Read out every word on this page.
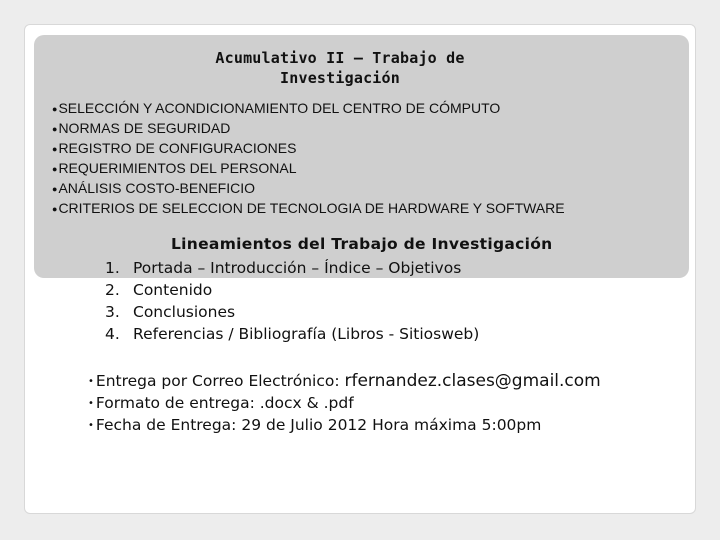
Acumulativo II – Trabajo de
Investigación
●SELECCIÓN Y ACONDICIONAMIENTO DEL CENTRO DE CÓMPUTO
●NORMAS DE SEGURIDAD
●REGISTRO DE CONFIGURACIONES
●REQUERIMIENTOS DEL PERSONAL
●ANÁLISIS COSTO-BENEFICIO
●CRITERIOS DE SELECCION DE TECNOLOGIA DE HARDWARE Y SOFTWARE
Lineamientos del Trabajo de Investigación
1. Portada – Introducción – Índice – Objetivos
2. Contenido
3. Conclusiones
4. Referencias / Bibliografía (Libros - Sitiosweb)
• Entrega por Correo Electrónico: rfernandez.clases@gmail.com
• Formato de entrega: .docx & .pdf
• Fecha de Entrega: 29 de Julio 2012 Hora máxima 5:00pm
